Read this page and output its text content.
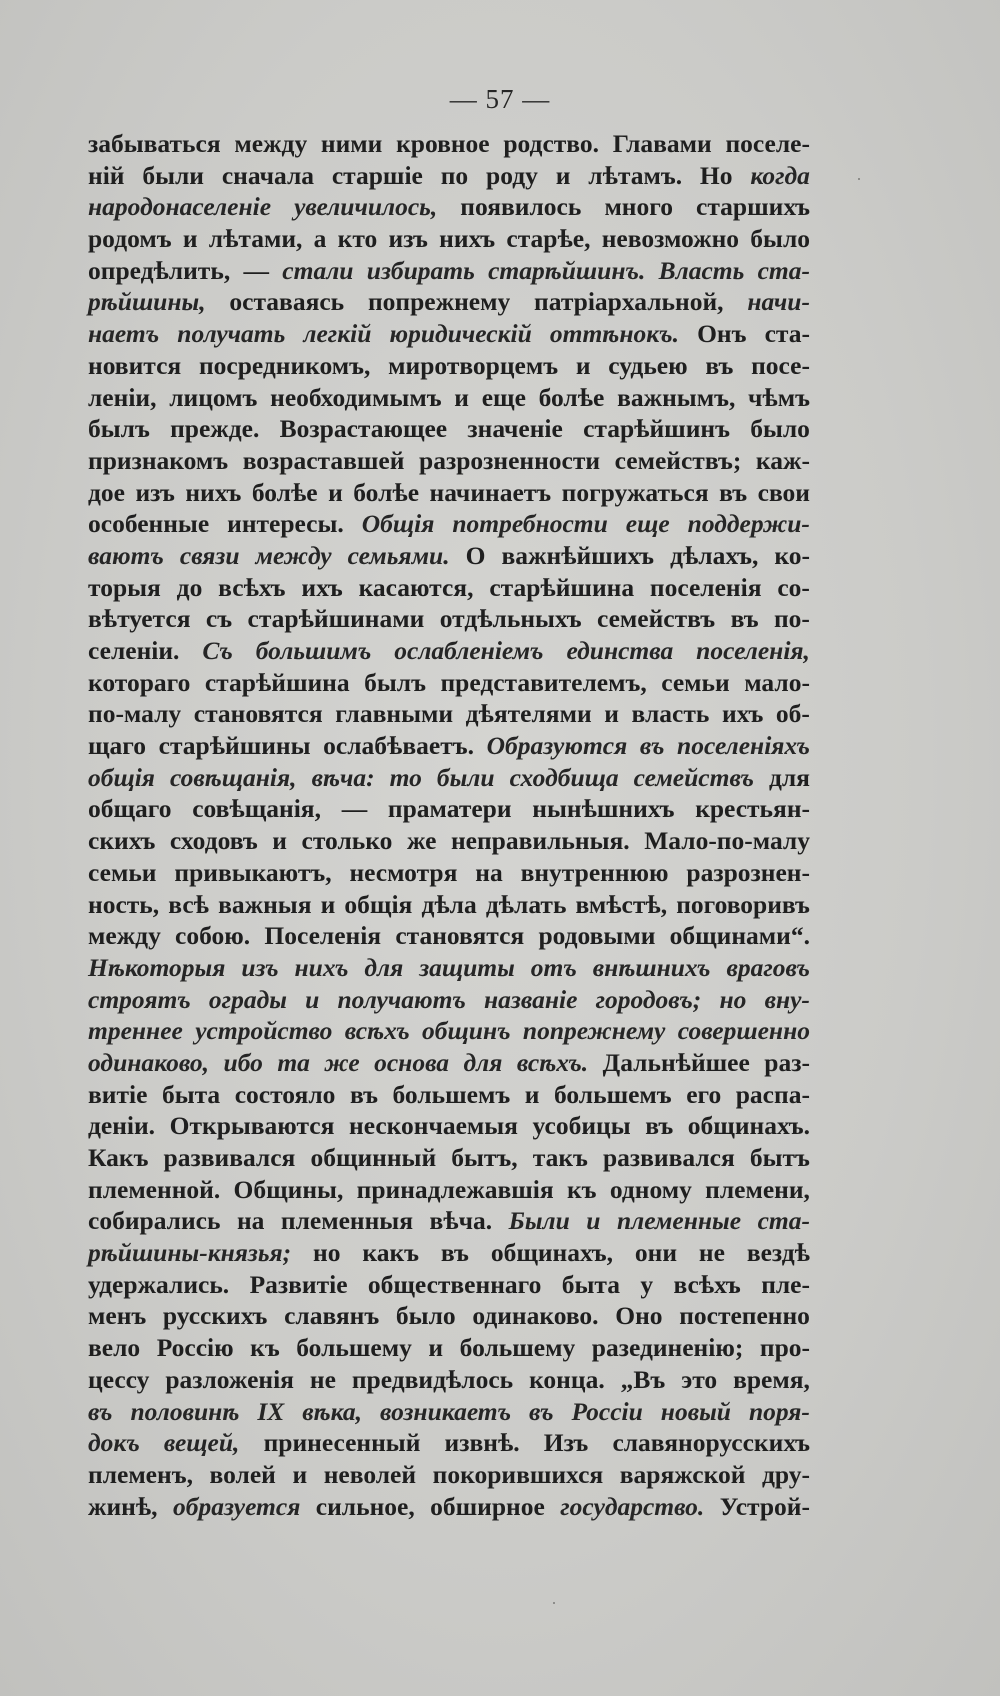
— 57 —
забываться между ними кровное родство. Главами поселе-
ній были сначала старшіе по роду и лѣтамъ. Но когда
народонаселеніе увеличилось, появилось много старшихъ
родомъ и лѣтами, а кто изъ нихъ старѣе, невозможно было
опредѣлить, — стали избирать старѣйшинъ. Власть ста-
рѣйшины, оставаясь попрежнему патріархальной, начи-
наетъ получать легкій юридическій оттѣнокъ. Онъ ста-
новится посредникомъ, миротворцемъ и судьею въ посе-
леніи, лицомъ необходимымъ и еще болѣе важнымъ, чѣмъ
былъ прежде. Возрастающее значеніе старѣйшинъ было
признакомъ возраставшей разрозненности семействъ; каж-
дое изъ нихъ болѣе и болѣе начинаетъ погружаться въ свои
особенные интересы. Общія потребности еще поддержи-
ваютъ связи между семьями. О важнѣйшихъ дѣлахъ, ко-
торыя до всѣхъ ихъ касаются, старѣйшина поселенія со-
вѣтуется съ старѣйшинами отдѣльныхъ семействъ въ по-
селеніи. Съ большимъ ослабленіемъ единства поселенія,
котораго старѣйшина былъ представителемъ, семьи мало-
по-малу становятся главными дѣятелями и власть ихъ об-
щаго старѣйшины ослабѣваетъ. Образуются въ поселеніяхъ
общія совѣщанія, вѣча: то были сходбища семействъ для
общаго совѣщанія, — праматери нынѣшнихъ крестьян-
скихъ сходовъ и столько же неправильныя. Мало-по-малу
семьи привыкаютъ, несмотря на внутреннюю разрознен-
ность, всѣ важныя и общія дѣла дѣлать вмѣстѣ, поговоривъ
между собою. Поселенія становятся родовыми общинами“.
Нѣкоторыя изъ нихъ для защиты отъ внѣшнихъ враговъ
строятъ ограды и получаютъ названіе городовъ; но вну-
треннее устройство всѣхъ общинъ попрежнему совершенно
одинаково, ибо та же основа для всѣхъ. Дальнѣйшее раз-
витіе быта состояло въ большемъ и большемъ его распа-
деніи. Открываются нескончаемыя усобицы въ общинахъ.
Какъ развивался общинный бытъ, такъ развивался бытъ
племенной. Общины, принадлежавшія къ одному племени,
собирались на племенныя вѣча. Были и племенные ста-
рѣйшины-князья; но какъ въ общинахъ, они не вездѣ
удержались. Развитіе общественнаго быта у всѣхъ пле-
менъ русскихъ славянъ было одинаково. Оно постепенно
вело Россію къ большему и большему разединенію; про-
цессу разложенія не предвидѣлось конца. „Въ это время,
въ половинѣ IX вѣка, возникаетъ въ Россіи новый поря-
докъ вещей, принесенный извнѣ. Изъ славянорусскихъ
племенъ, волей и неволей покорившихся варяжской дру-
жинѣ, образуется сильное, обширное государство. Устрой-
